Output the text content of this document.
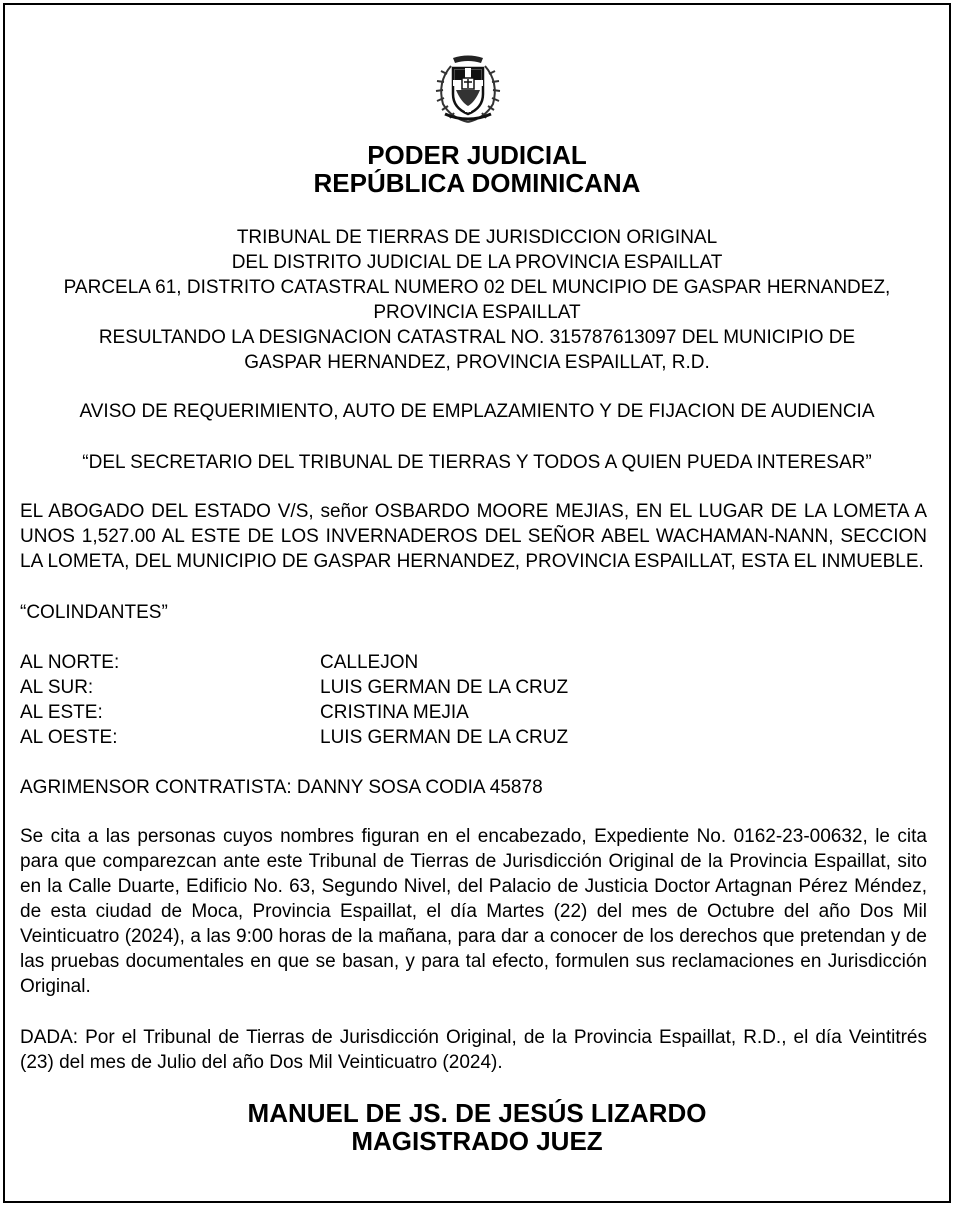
PODER JUDICIAL
REPÚBLICA DOMINICANA
TRIBUNAL DE TIERRAS DE JURISDICCION ORIGINAL
DEL DISTRITO JUDICIAL DE LA PROVINCIA ESPAILLAT
PARCELA 61, DISTRITO CATASTRAL NUMERO 02 DEL MUNCIPIO DE GASPAR HERNANDEZ,
PROVINCIA ESPAILLAT
RESULTANDO LA DESIGNACION CATASTRAL NO. 315787613097 DEL MUNICIPIO DE
GASPAR HERNANDEZ, PROVINCIA ESPAILLAT, R.D.
AVISO DE REQUERIMIENTO, AUTO DE EMPLAZAMIENTO Y DE FIJACION DE AUDIENCIA
“DEL SECRETARIO DEL TRIBUNAL DE TIERRAS Y TODOS A QUIEN PUEDA INTERESAR”

EL ABOGADO DEL ESTADO V/S, señor OSBARDO MOORE MEJIAS, EN EL LUGAR DE LA LOMETA A UNOS 1,527.00 AL ESTE DE LOS INVERNADEROS DEL SEÑOR ABEL WACHAMAN-NANN, SECCION LA LOMETA, DEL MUNICIPIO DE GASPAR HERNANDEZ, PROVINCIA ESPAILLAT, ESTA EL INMUEBLE.

“COLINDANTES”
AL NORTE:	CALLEJON
AL SUR:	LUIS GERMAN DE LA CRUZ
AL ESTE:	CRISTINA MEJIA
AL OESTE:	LUIS GERMAN DE LA CRUZ
AGRIMENSOR CONTRATISTA: DANNY SOSA CODIA 45878

Se cita a las personas cuyos nombres figuran en el encabezado, Expediente No. 0162-23-00632, le cita para que comparezcan ante este Tribunal de Tierras de Jurisdicción Original de la Provincia Espaillat, sito en la Calle Duarte, Edificio No. 63, Segundo Nivel, del Palacio de Justicia Doctor Artagnan Pérez Méndez, de esta ciudad de Moca, Provincia Espaillat, el día Martes (22) del mes de Octubre del año Dos Mil Veinticuatro (2024), a las 9:00 horas de la mañana, para dar a conocer de los derechos que pretendan y de las pruebas documentales en que se basan, y para tal efecto, formulen sus reclamaciones en Jurisdicción Original.

DADA: Por el Tribunal de Tierras de Jurisdicción Original, de la Provincia Espaillat, R.D., el día Veintitrés (23) del mes de Julio del año Dos Mil Veinticuatro (2024).

MANUEL DE JS. DE JESÚS LIZARDO
MAGISTRADO JUEZ
